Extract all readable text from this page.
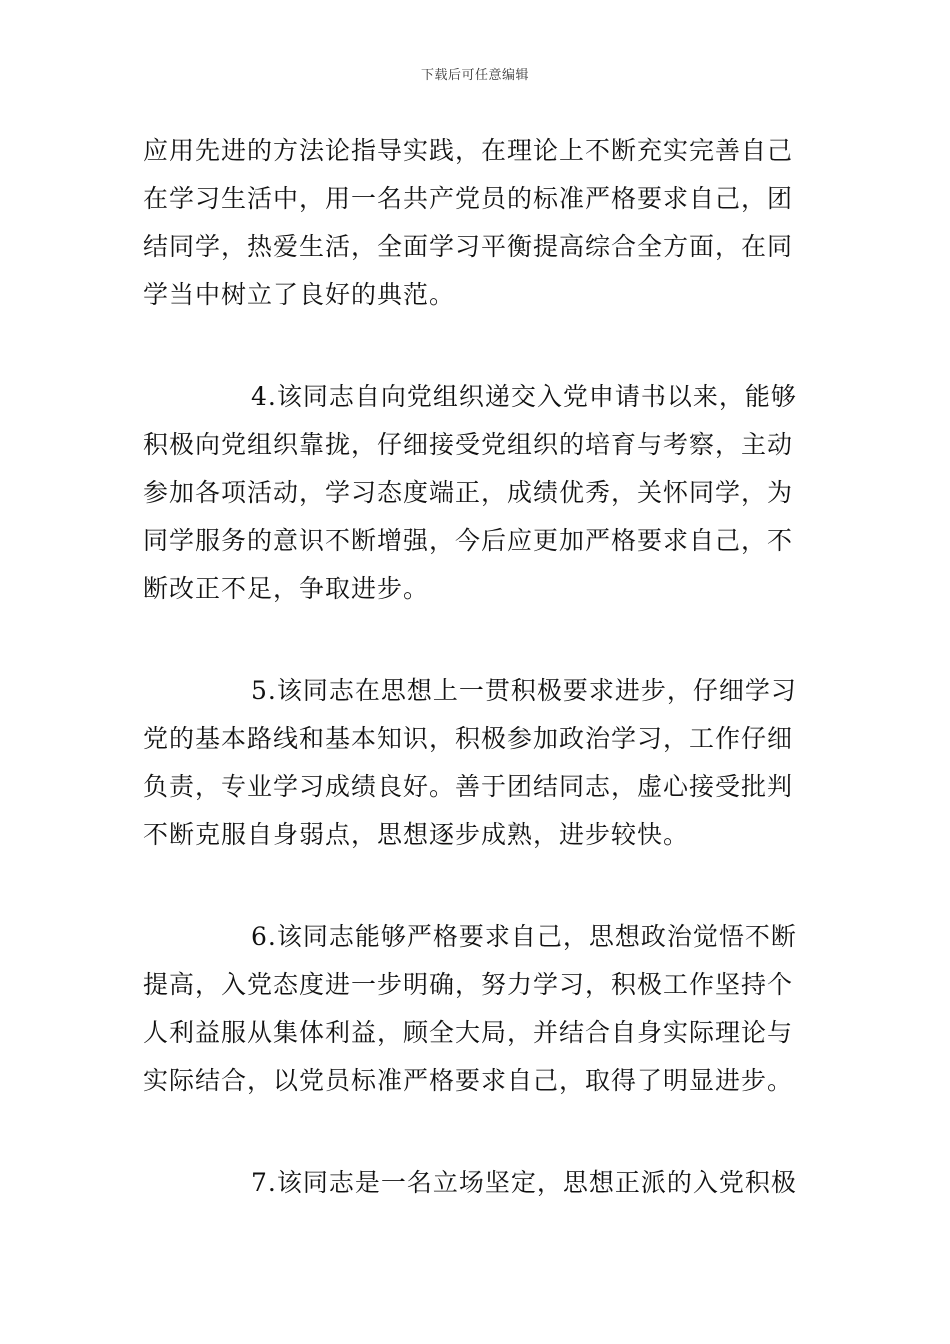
下载后可任意编辑
应用先进的方法论指导实践，在理论上不断充实完善自己
在学习生活中，用一名共产党员的标准严格要求自己，团
结同学，热爱生活，全面学习平衡提高综合全方面，在同
学当中树立了良好的典范。
4.该同志自向党组织递交入党申请书以来，能够
积极向党组织靠拢，仔细接受党组织的培育与考察，主动
参加各项活动，学习态度端正，成绩优秀，关怀同学，为
同学服务的意识不断增强，今后应更加严格要求自己，不
断改正不足，争取进步。
5.该同志在思想上一贯积极要求进步，仔细学习
党的基本路线和基本知识，积极参加政治学习，工作仔细
负责，专业学习成绩良好。善于团结同志，虚心接受批判
不断克服自身弱点，思想逐步成熟，进步较快。
6.该同志能够严格要求自己，思想政治觉悟不断
提高，入党态度进一步明确，努力学习，积极工作坚持个
人利益服从集体利益，顾全大局，并结合自身实际理论与
实际结合，以党员标准严格要求自己，取得了明显进步。
7.该同志是一名立场坚定，思想正派的入党积极
